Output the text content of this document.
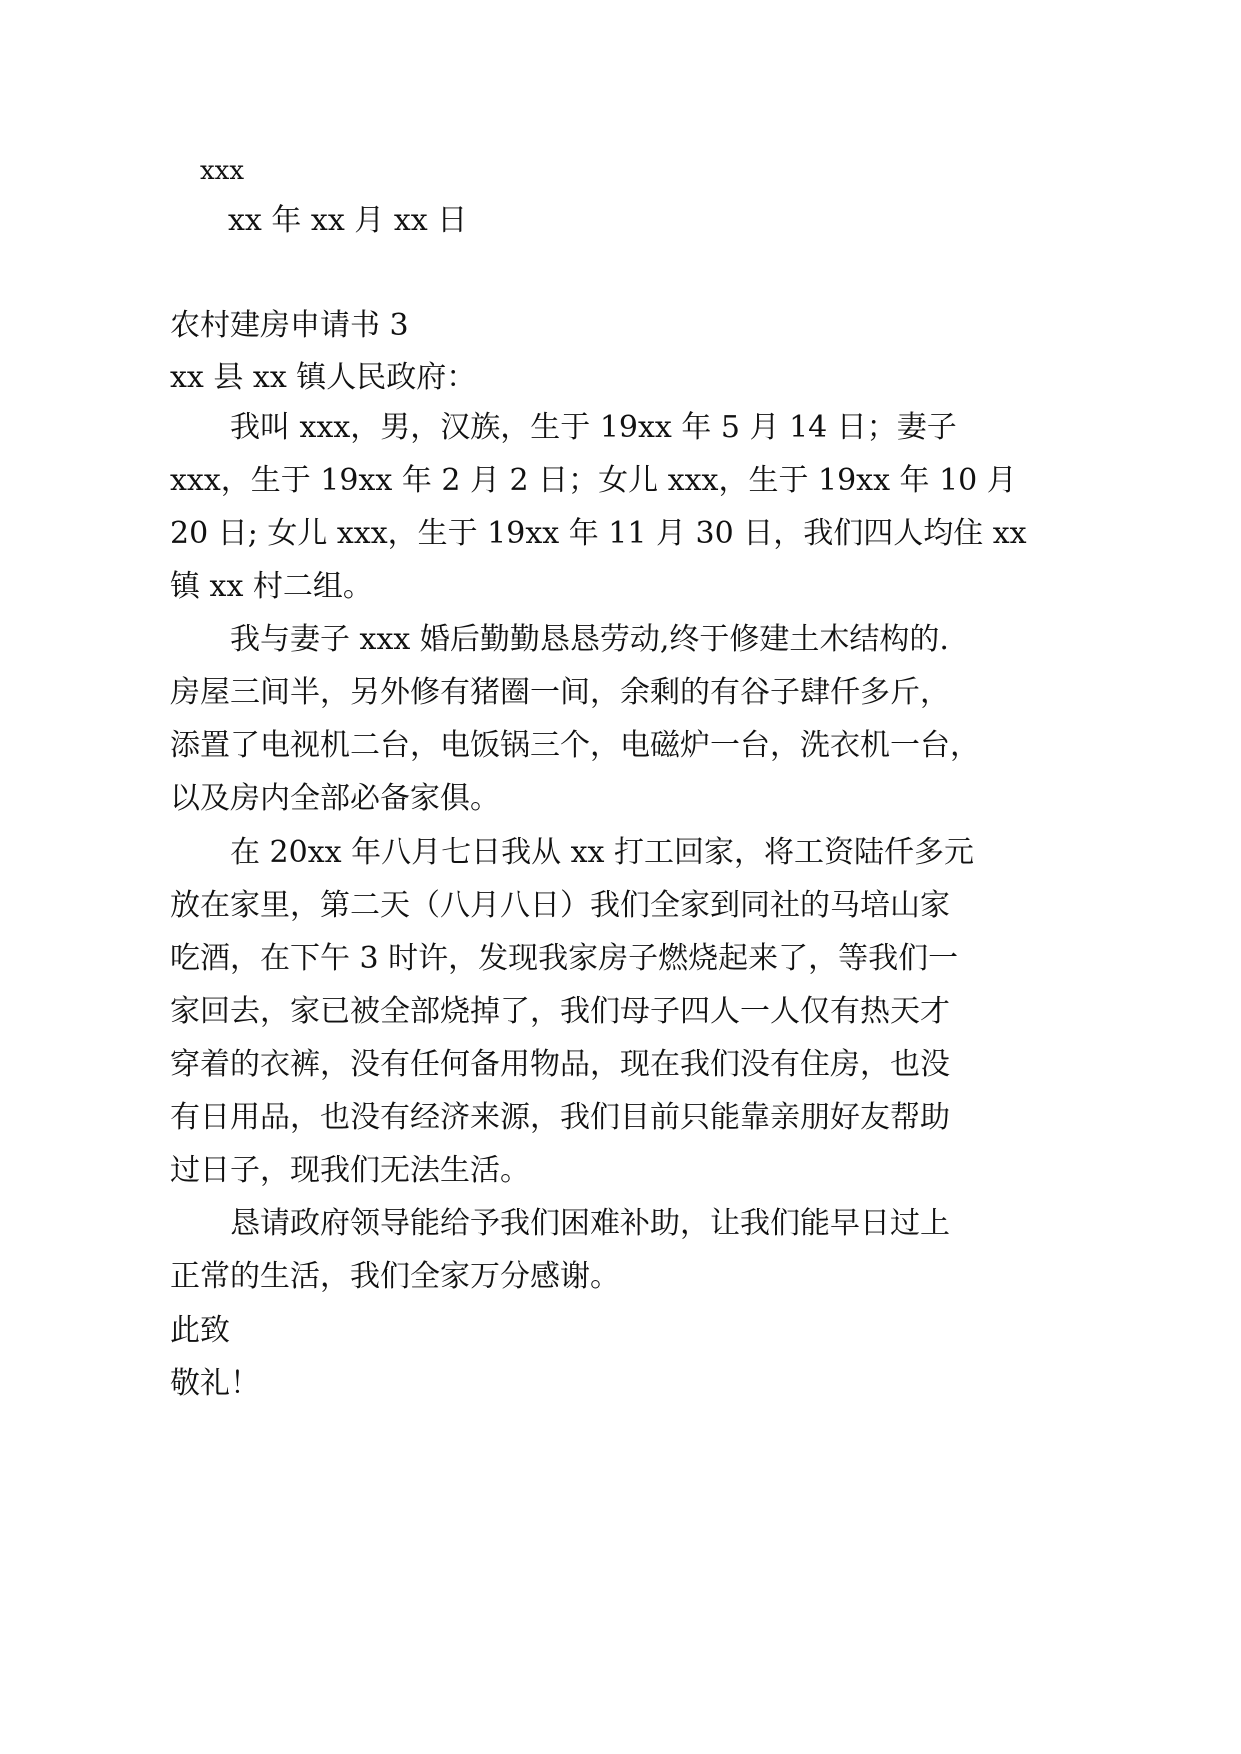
xxx
xx 年 xx 月 xx 日
农村建房申请书 3
xx 县 xx 镇人民政府：
我叫 xxx，男，汉族，生于 19xx 年 5 月 14 日；妻子
xxx，生于 19xx 年 2 月 2 日；女儿 xxx，生于 19xx 年 10 月
20 日; 女儿 xxx，生于 19xx 年 11 月 30 日，我们四人均住 xx
镇 xx 村二组。
我与妻子 xxx 婚后勤勤恳恳劳动,终于修建土木结构的.
房屋三间半，另外修有猪圈一间，余剩的有谷子肆仟多斤，
添置了电视机二台，电饭锅三个，电磁炉一台，洗衣机一台，
以及房内全部必备家俱。
在 20xx 年八月七日我从 xx 打工回家，将工资陆仟多元
放在家里，第二天（八月八日）我们全家到同社的马培山家
吃酒，在下午 3 时许，发现我家房子燃烧起来了，等我们一
家回去，家已被全部烧掉了，我们母子四人一人仅有热天才
穿着的衣裤，没有任何备用物品，现在我们没有住房，也没
有日用品，也没有经济来源，我们目前只能靠亲朋好友帮助
过日子，现我们无法生活。
恳请政府领导能给予我们困难补助，让我们能早日过上
正常的生活，我们全家万分感谢。
此致
敬礼！
